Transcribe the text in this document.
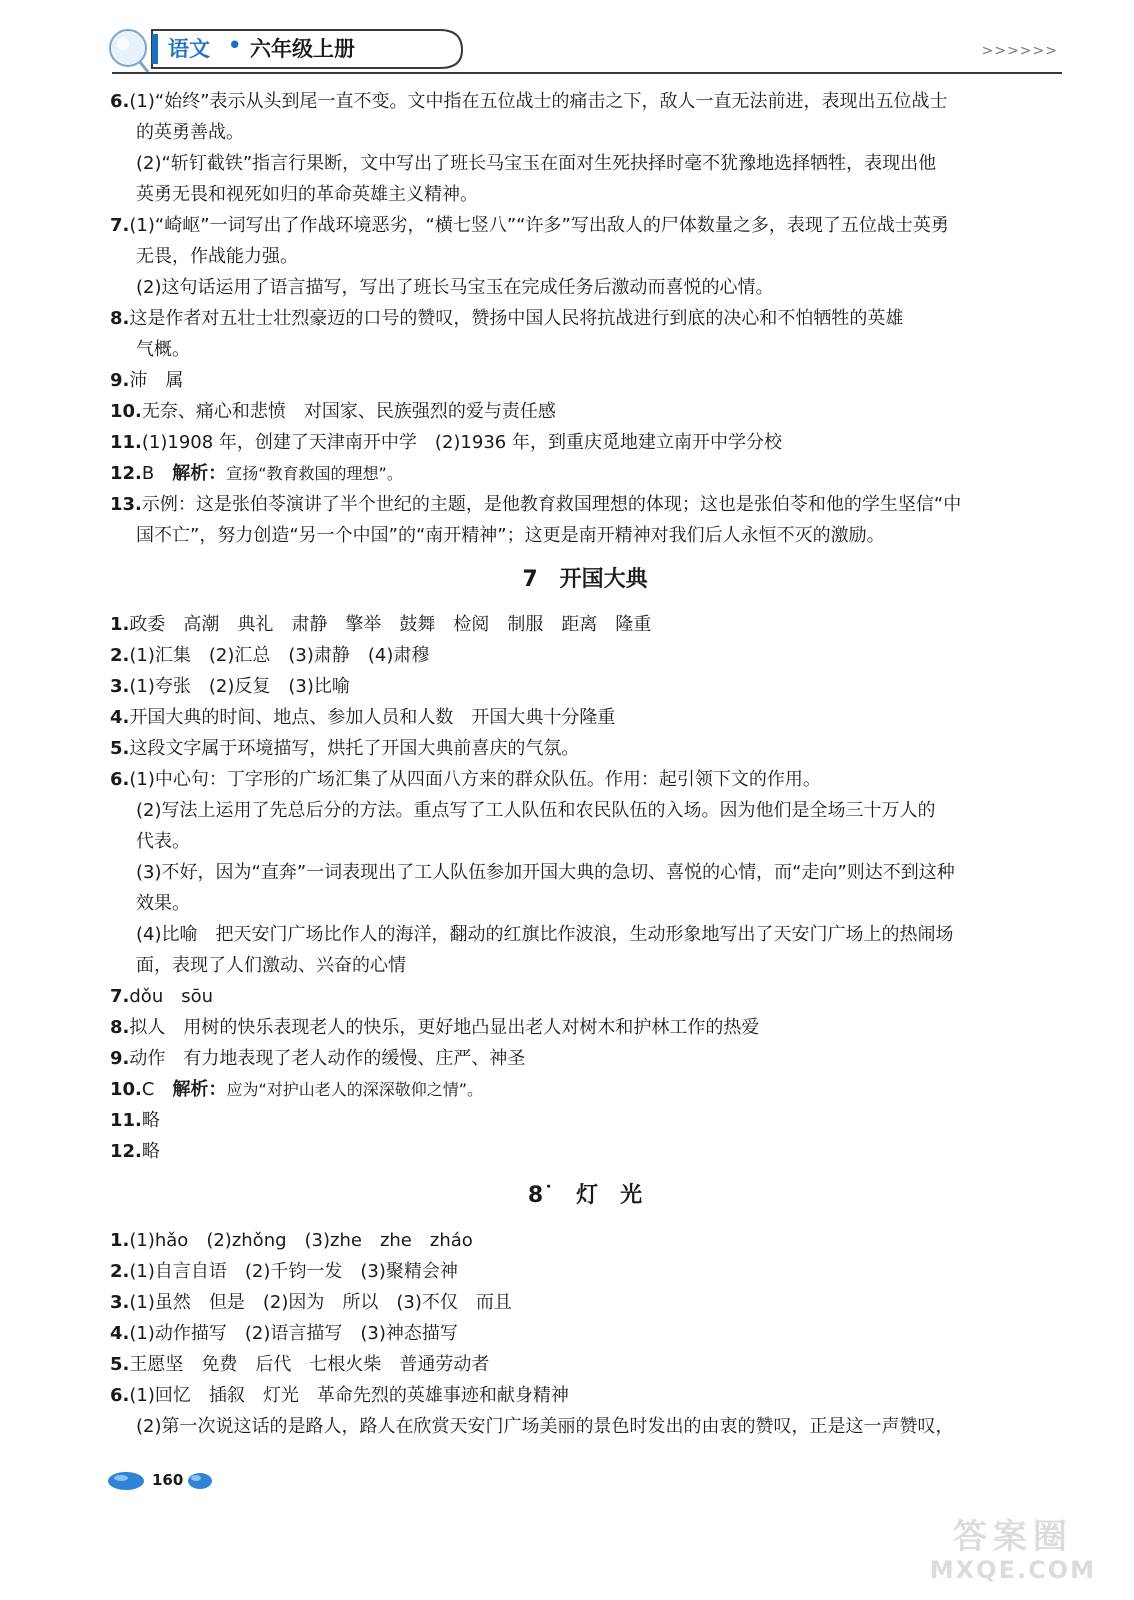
语文 • 六年级上册	>>>>>>
6.(1)“始终”表示从头到尾一直不变。文中指在五位战士的痛击之下，敌人一直无法前进，表现出五位战士
的英勇善战。
(2)“斩钉截铁”指言行果断，文中写出了班长马宝玉在面对生死抉择时毫不犹豫地选择牺牲，表现出他
英勇无畏和视死如归的革命英雄主义精神。
7.(1)“崎岖”一词写出了作战环境恶劣，“横七竖八”“许多”写出敌人的尸体数量之多，表现了五位战士英勇
无畏，作战能力强。
(2)这句话运用了语言描写，写出了班长马宝玉在完成任务后激动而喜悦的心情。
8.这是作者对五壮士壮烈豪迈的口号的赞叹，赞扬中国人民将抗战进行到底的决心和不怕牺牲的英雄
气概。
9.沛　属
10.无奈、痛心和悲愤　对国家、民族强烈的爱与责任感
11.(1)1908 年，创建了天津南开中学　(2)1936 年，到重庆觅地建立南开中学分校
12.B　解析：宣扬“教育救国的理想”。
13.示例：这是张伯苓演讲了半个世纪的主题，是他教育救国理想的体现；这也是张伯苓和他的学生坚信“中
国不亡”，努力创造“另一个中国”的“南开精神”；这更是南开精神对我们后人永恒不灭的激励。
7 开国大典
1.政委　高潮　典礼　肃静　擎举　鼓舞　检阅　制服　距离　隆重
2.(1)汇集　(2)汇总　(3)肃静　(4)肃穆
3.(1)夸张　(2)反复　(3)比喻
4.开国大典的时间、地点、参加人员和人数　开国大典十分隆重
5.这段文字属于环境描写，烘托了开国大典前喜庆的气氛。
6.(1)中心句：丁字形的广场汇集了从四面八方来的群众队伍。作用：起引领下文的作用。
(2)写法上运用了先总后分的方法。重点写了工人队伍和农民队伍的入场。因为他们是全场三十万人的
代表。
(3)不好，因为“直奔”一词表现出了工人队伍参加开国大典的急切、喜悦的心情，而“走向”则达不到这种
效果。
(4)比喻　把天安门广场比作人的海洋，翻动的红旗比作波浪，生动形象地写出了天安门广场上的热闹场
面，表现了人们激动、兴奋的心情
7.dǒu　sōu
8.拟人　用树的快乐表现老人的快乐，更好地凸显出老人对树木和护林工作的热爱
9.动作　有力地表现了老人动作的缓慢、庄严、神圣
10.C　解析：应为“对护山老人的深深敬仰之情”。
11.略
12.略
8˙ 灯　光
1.(1)hǎo　(2)zhǒng　(3)zhe　zhe　zháo
2.(1)自言自语　(2)千钧一发　(3)聚精会神
3.(1)虽然　但是　(2)因为　所以　(3)不仅　而且
4.(1)动作描写　(2)语言描写　(3)神态描写
5.王愿坚　免费　后代　七根火柴　普通劳动者
6.(1)回忆　插叙　灯光　革命先烈的英雄事迹和献身精神
(2)第一次说这话的是路人，路人在欣赏天安门广场美丽的景色时发出的由衷的赞叹，正是这一声赞叹，
160
答案圈
MXQE.COM
